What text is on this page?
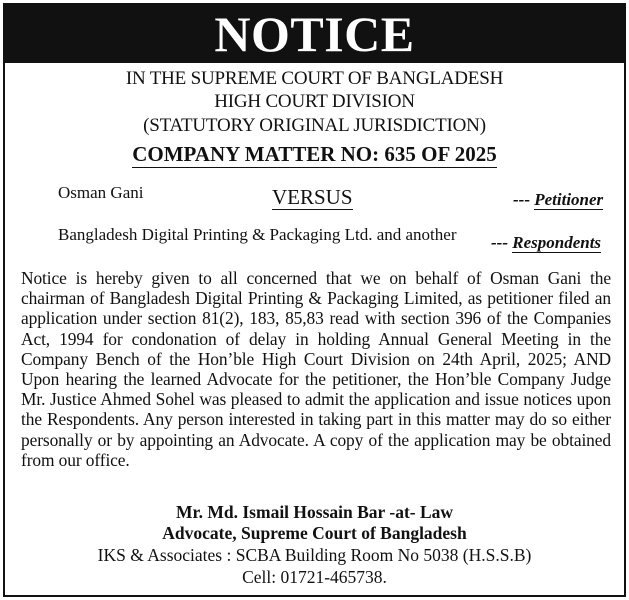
NOTICE
IN THE SUPREME COURT OF BANGLADESH
HIGH COURT DIVISION
(STATUTORY ORIGINAL JURISDICTION)
COMPANY MATTER NO: 635 OF 2025
Osman Gani	VERSUS	--- Petitioner
Bangladesh Digital Printing & Packaging Ltd. and another --- Respondents
Notice is hereby given to all concerned that we on behalf of Osman Gani the chairman of Bangladesh Digital Printing & Packaging Limited, as petitioner filed an application under section 81(2), 183, 85,83 read with section 396 of the Companies Act, 1994 for condonation of delay in holding Annual General Meeting in the Company Bench of the Hon’ble High Court Division on 24th April, 2025; AND Upon hearing the learned Advocate for the petitioner, the Hon’ble Company Judge Mr. Justice Ahmed Sohel was pleased to admit the application and issue notices upon the Respondents. Any person interested in taking part in this matter may do so either personally or by appointing an Advocate. A copy of the application may be obtained from our office.
Mr. Md. Ismail Hossain Bar -at- Law
Advocate, Supreme Court of Bangladesh
IKS & Associates : SCBA Building Room No 5038 (H.S.S.B)
Cell: 01721-465738.
